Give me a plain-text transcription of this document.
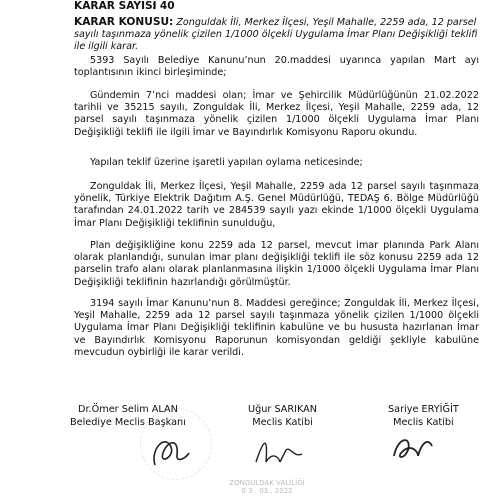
KARAR SAYISI: 40
KARAR KONUSU: Zonguldak İli, Merkez İlçesi, Yeşil Mahalle, 2259 ada, 12 parsel sayılı taşınmaza yönelik çizilen 1/1000 ölçekli Uygulama İmar Planı Değişikliği teklifi ile ilgili karar.
5393 Sayılı Belediye Kanunu’nun 20.maddesi uyarınca yapılan Mart ayı toplantısının ikinci birleşiminde;
Gündemin 7’nci maddesi olan; İmar ve Şehircilik Müdürlüğünün 21.02.2022 tarihli ve 35215 sayılı, Zonguldak İli, Merkez İlçesi, Yeşil Mahalle, 2259 ada, 12 parsel sayılı taşınmaza yönelik çizilen 1/1000 ölçekli Uygulama İmar Planı Değişikliği teklifi ile ilgili İmar ve Bayındırlık Komisyonu Raporu okundu.
Yapılan teklif üzerine işaretli yapılan oylama neticesinde;
Zonguldak İli, Merkez İlçesi, Yeşil Mahalle, 2259 ada 12 parsel sayılı taşınmaza yönelik, Türkiye Elektrik Dağıtım A.Ş. Genel Müdürlüğü, TEDAŞ 6. Bölge Müdürlüğü tarafından 24.01.2022 tarih ve 284539 sayılı yazı ekinde 1/1000 ölçekli Uygulama İmar Planı Değişikliği teklifinin sunulduğu,
Plan değişikliğine konu 2259 ada 12 parsel, mevcut imar planında Park Alanı olarak planlandığı, sunulan imar planı değişikliği teklifi ile söz konusu 2259 ada 12 parselin trafo alanı olarak planlanmasına ilişkin 1/1000 ölçekli Uygulama İmar Planı Değişikliği teklifinin hazırlandığı görülmüştür.
3194 sayılı İmar Kanunu’nun 8. Maddesi gereğince; Zonguldak İli, Merkez İlçesi, Yeşil Mahalle, 2259 ada 12 parsel sayılı taşınmaza yönelik çizilen 1/1000 ölçekli Uygulama İmar Planı Değişikliği teklifinin kabulüne ve bu hususta hazırlanan İmar ve Bayındırlık Komisyonu Raporunun komisyondan geldiği şekliyle kabulüne mevcudun oybirliği ile karar verildi.
Dr.Ömer Selim ALAN
Belediye Meclis Başkanı
Uğur SARIKAN
Meclis Katibi
Sariye ERYİĞİT
Meclis Katibi
ZONGULDAK VALİLİĞİ
0 3 . 03 . 2022
